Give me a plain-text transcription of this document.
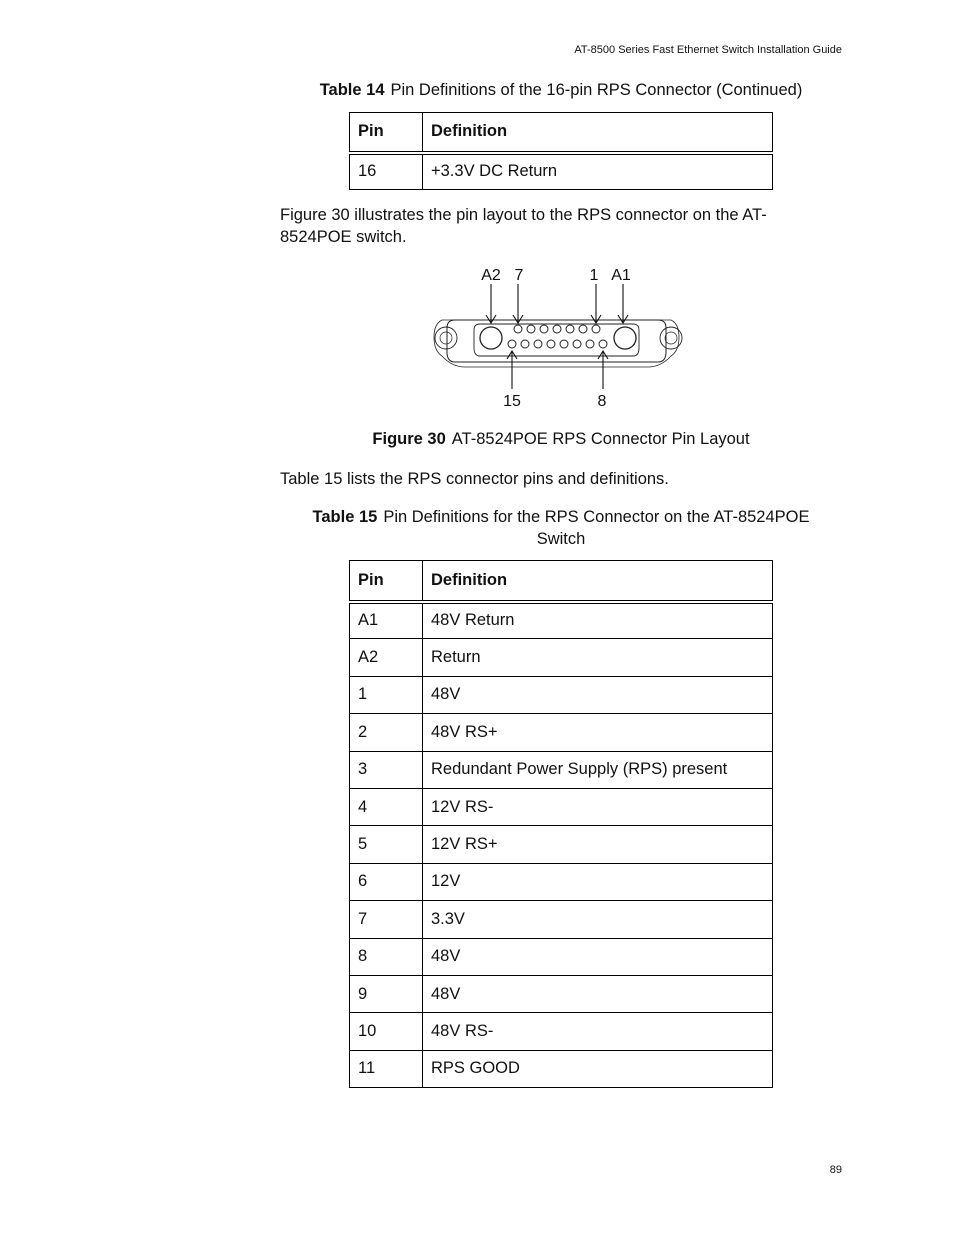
AT-8500 Series Fast Ethernet Switch Installation Guide
Table 14 Pin Definitions of the 16-pin RPS Connector (Continued)
Pin	Definition
16	+3.3V DC Return
Figure 30 illustrates the pin layout to the RPS connector on the AT-8524POE switch.
A2 7	1 A1
15	8
Figure 30 AT-8524POE RPS Connector Pin Layout
Table 15 lists the RPS connector pins and definitions.
Table 15 Pin Definitions for the RPS Connector on the AT-8524POE
Switch
Pin	Definition
A1	48V Return
A2	Return
1	48V
2	48V RS+
3	Redundant Power Supply (RPS) present
4	12V RS-
5	12V RS+
6	12V
7	3.3V
8	48V
9	48V
10	48V RS-
11	RPS GOOD
89
